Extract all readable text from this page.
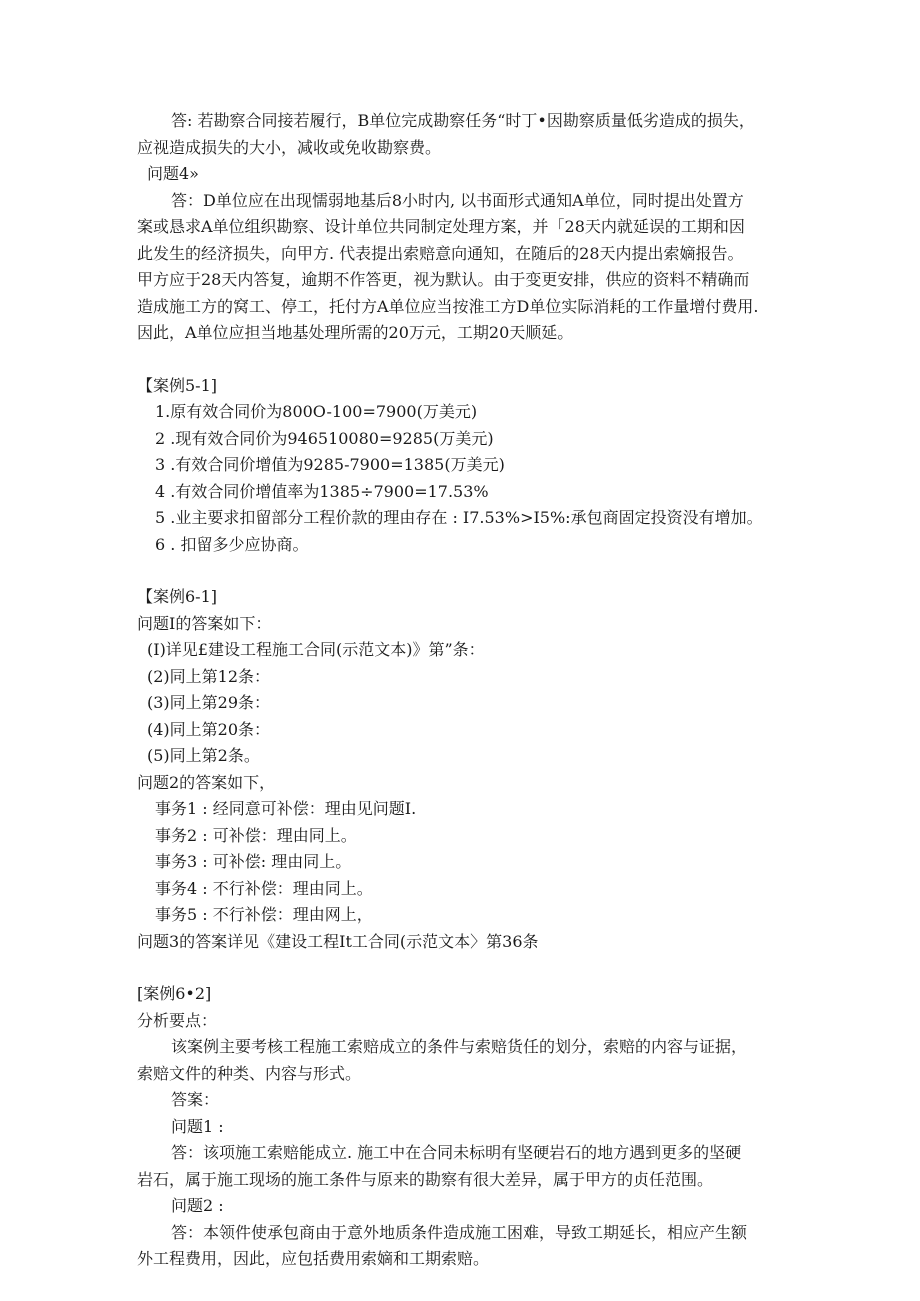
答: 若勘察合同接若履行，B单位完成勘察任务“时丁•因勘察质量低劣造成的损失，
应视造成损失的大小，减收或免收勘察费。
问题4»
答：D单位应在出现懦弱地基后8小时内, 以书面形式通知A单位，同时提出处置方
案或恳求A单位组织勘察、设计单位共同制定处理方案，并「28天内就延误的工期和因
此发生的经济损失，向甲方. 代表提出索赔意向通知，在随后的28天内提出索嫡报告。
甲方应于28天内答复，逾期不作答更，视为默认。由于变更安排，供应的资料不精确而
造成施工方的窝工、停工，托付方A单位应当按淮工方D单位实际消耗的工作量增付费用.
因此，A单位应担当地基处理所需的20万元，工期20天顺延。
【案例5-1]
1.原有效合同价为800O-100=7900(万美元)
2 .现有效合同价为946510080=9285(万美元)
3 .有效合同价增值为9285-7900=1385(万美元)
4 .有效合同价增值率为1385÷7900=17.53%
5 .业主要求扣留部分工程价款的理由存在 : I7.53%>I5%:承包商固定投资没有增加。
6 . 扣留多少应协商。
【案例6-1]
问题I的答案如下：
(I)详见£建设工程施工合同(示范文本)》第”条：
(2)同上第12条：
(3)同上第29条：
(4)同上第20条：
(5)同上第2条。
问题2的答案如下，
事务1 : 经同意可补偿：理由见问题I.
事务2 : 可补偿：理由同上。
事务3 : 可补偿: 理由同上。
事务4 : 不行补偿：理由同上。
事务5 : 不行补偿：理由网上，
问题3的答案详见《建设工程It工合同(示范文本〉第36条
[案例6•2]
分析要点：
该案例主要考核工程施工索赔成立的条件与索赔货任的划分，索赔的内容与证据，
索赔文件的种类、内容与形式。
答案：
问题1 :
答：该项施工索赔能成立. 施工中在合同未标明有坚硬岩石的地方遇到更多的坚硬
岩石，属于施工现场的施工条件与原来的勘察有很大差异，属于甲方的贞任范围。
问题2 :
答：本领件使承包商由于意外地质条件造成施工困难，导致工期延长，相应产生额
外工程费用，因此，应包括费用索嫡和工期索赔。
